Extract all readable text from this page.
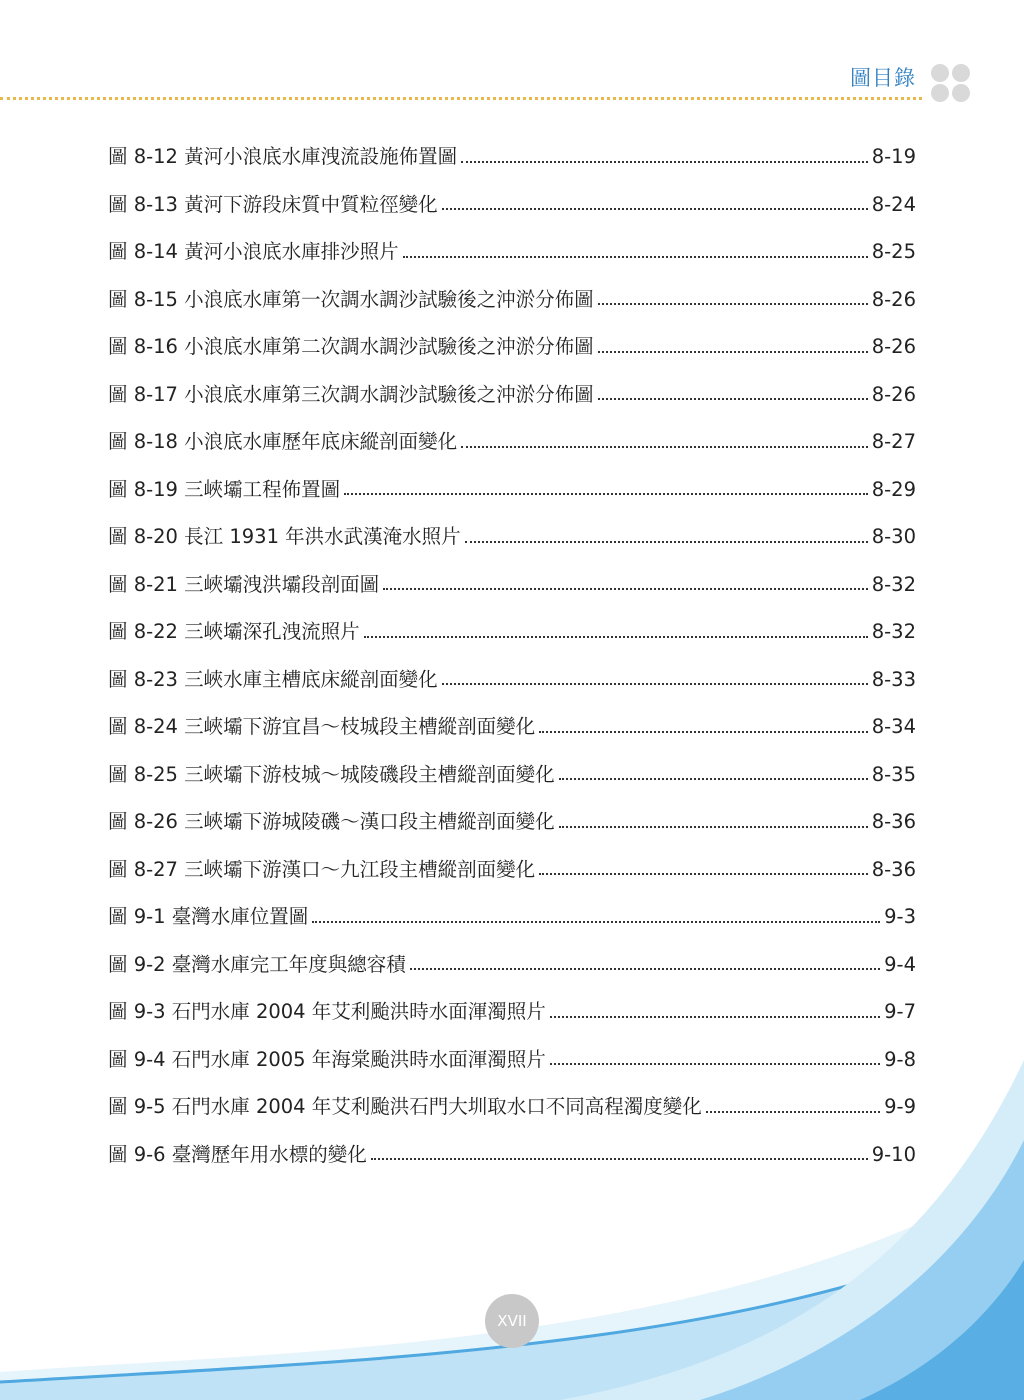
圖目錄
圖 8-12 黃河小浪底水庫洩流設施佈置圖	8-19
圖 8-13 黃河下游段床質中質粒徑變化	8-24
圖 8-14 黃河小浪底水庫排沙照片	8-25
圖 8-15 小浪底水庫第一次調水調沙試驗後之沖淤分佈圖	8-26
圖 8-16 小浪底水庫第二次調水調沙試驗後之沖淤分佈圖	8-26
圖 8-17 小浪底水庫第三次調水調沙試驗後之沖淤分佈圖	8-26
圖 8-18 小浪底水庫歷年底床縱剖面變化	8-27
圖 8-19 三峽壩工程佈置圖	8-29
圖 8-20 長江 1931 年洪水武漢淹水照片	8-30
圖 8-21 三峽壩洩洪壩段剖面圖	8-32
圖 8-22 三峽壩深孔洩流照片	8-32
圖 8-23 三峽水庫主槽底床縱剖面變化	8-33
圖 8-24 三峽壩下游宜昌～枝城段主槽縱剖面變化	8-34
圖 8-25 三峽壩下游枝城～城陵磯段主槽縱剖面變化	8-35
圖 8-26 三峽壩下游城陵磯～漢口段主槽縱剖面變化	8-36
圖 8-27 三峽壩下游漢口～九江段主槽縱剖面變化	8-36
圖 9-1 臺灣水庫位置圖	9-3
圖 9-2 臺灣水庫完工年度與總容積	9-4
圖 9-3 石門水庫 2004 年艾利颱洪時水面渾濁照片	9-7
圖 9-4 石門水庫 2005 年海棠颱洪時水面渾濁照片	9-8
圖 9-5 石門水庫 2004 年艾利颱洪石門大圳取水口不同高程濁度變化	9-9
圖 9-6 臺灣歷年用水標的變化	9-10
XVII
